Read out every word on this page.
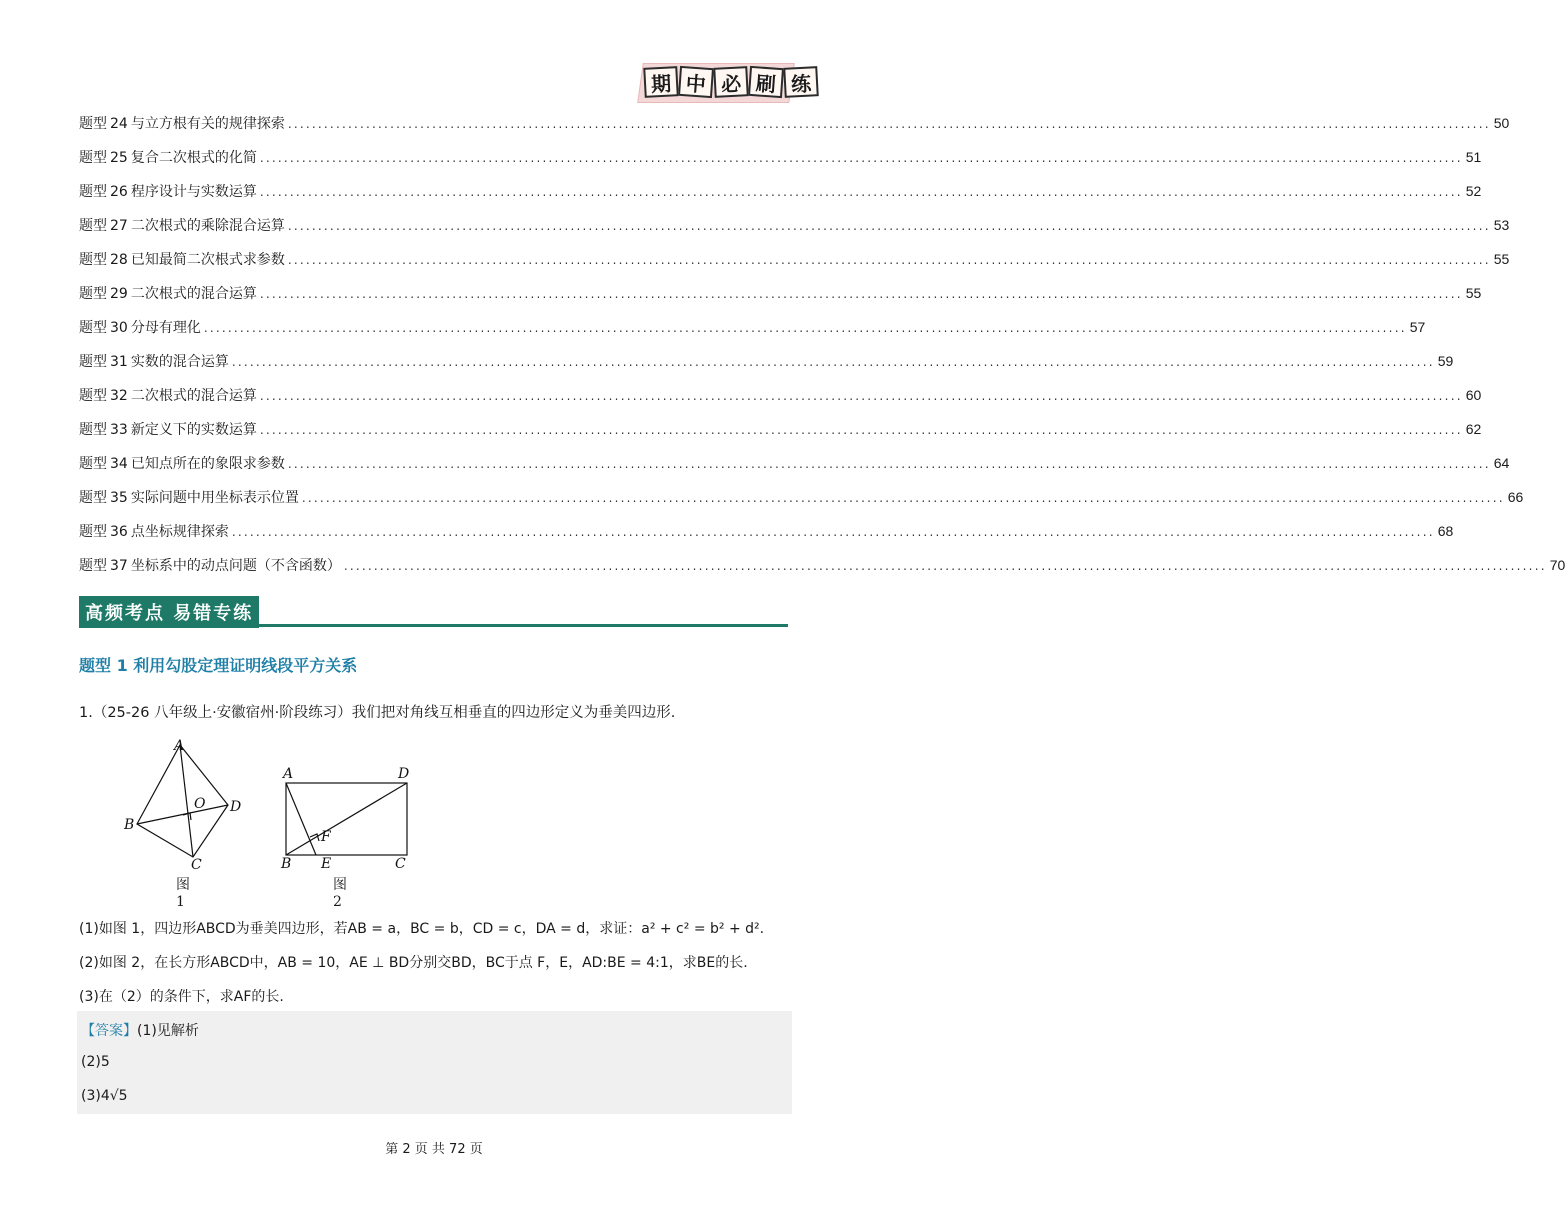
期 中 必 刷 练
题型 24 与立方根有关的规律探索 ........................................................................................................................................................................................................ 50
题型 25 复合二次根式的化简 ........................................................................................................................................................................................................ 51
题型 26 程序设计与实数运算 ........................................................................................................................................................................................................ 52
题型 27 二次根式的乘除混合运算 ........................................................................................................................................................................................................ 53
题型 28 已知最简二次根式求参数 ........................................................................................................................................................................................................ 55
题型 29 二次根式的混合运算 ........................................................................................................................................................................................................ 55
题型 30 分母有理化 ........................................................................................................................................................................................................ 57
题型 31 实数的混合运算 ........................................................................................................................................................................................................ 59
题型 32 二次根式的混合运算 ........................................................................................................................................................................................................ 60
题型 33 新定义下的实数运算 ........................................................................................................................................................................................................ 62
题型 34 已知点所在的象限求参数 ........................................................................................................................................................................................................ 64
题型 35 实际问题中用坐标表示位置 ........................................................................................................................................................................................................ 66
题型 36 点坐标规律探索 ........................................................................................................................................................................................................ 68
题型 37 坐标系中的动点问题（不含函数） ........................................................................................................................................................................................................ 70
高频考点 易错专练
题型 1 利用勾股定理证明线段平方关系
1.（25-26 八年级上·安徽宿州·阶段练习）我们把对角线互相垂直的四边形定义为垂美四边形.
A
B
C
D
O
A	D
B E	C
F
图1
图2
(1)如图 1，四边形ABCD为垂美四边形，若AB = a，BC = b，CD = c，DA = d，求证：a² + c² = b² + d².
(2)如图 2，在长方形ABCD中，AB = 10，AE ⊥ BD分别交BD，BC于点 F，E，AD:BE = 4:1，求BE的长.
(3)在（2）的条件下，求AF的长.
【答案】(1)见解析
(2)5
(3)4√5
第 2 页 共 72 页
